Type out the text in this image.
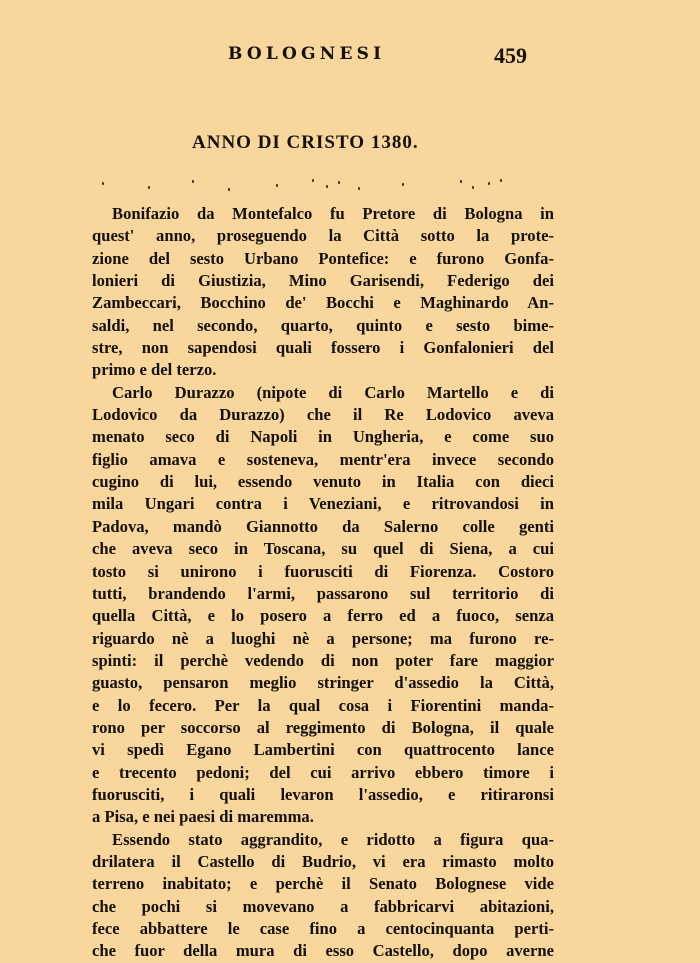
BOLOGNESI	459
ANNO DI CRISTO 1380.
Bonifazio da Montefalco fu Pretore di Bologna in
quest' anno, proseguendo la Città sotto la prote-
zione del sesto Urbano Pontefice: e furono Gonfa-
lonieri di Giustizia, Mino Garisendi, Federigo dei
Zambeccari, Bocchino de' Bocchi e Maghinardo An-
saldi, nel secondo, quarto, quinto e sesto bime-
stre, non sapendosi quali fossero i Gonfalonieri del
primo e del terzo.
Carlo Durazzo (nipote di Carlo Martello e di
Lodovico da Durazzo) che il Re Lodovico aveva
menato seco di Napoli in Ungheria, e come suo
figlio amava e sosteneva, mentr'era invece secondo
cugino di lui, essendo venuto in Italia con dieci
mila Ungari contra i Veneziani, e ritrovandosi in
Padova, mandò Giannotto da Salerno colle genti
che aveva seco in Toscana, su quel di Siena, a cui
tosto si unirono i fuorusciti di Fiorenza. Costoro
tutti, brandendo l'armi, passarono sul territorio di
quella Città, e lo posero a ferro ed a fuoco, senza
riguardo nè a luoghi nè a persone; ma furono re-
spinti: il perchè vedendo di non poter fare maggior
guasto, pensaron meglio stringer d'assedio la Città,
e lo fecero. Per la qual cosa i Fiorentini manda-
rono per soccorso al reggimento di Bologna, il quale
vi spedì Egano Lambertini con quattrocento lance
e trecento pedoni; del cui arrivo ebbero timore i
fuorusciti, i quali levaron l'assedio, e ritiraronsi
a Pisa, e nei paesi di maremma.
Essendo stato aggrandito, e ridotto a figura qua-
drilatera il Castello di Budrio, vi era rimasto molto
terreno inabitato; e perchè il Senato Bolognese vide
che pochi si movevano a fabbricarvi abitazioni,
fece abbattere le case fino a centocinquanta perti-
che fuor della mura di esso Castello, dopo averne
